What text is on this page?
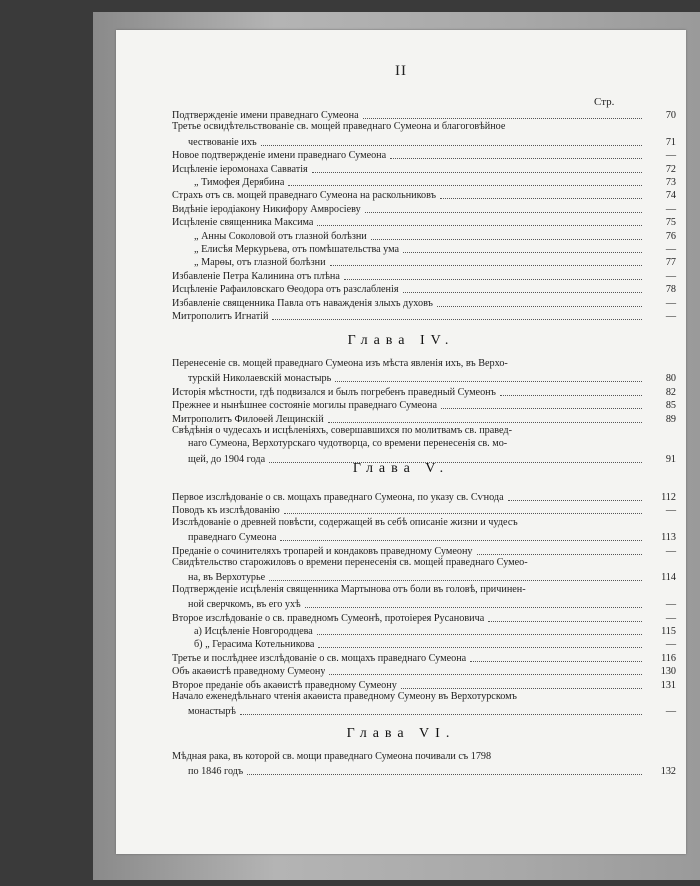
II
Стр.
Подтвержденіе имени праведнаго Сумеона	70
Третье освидѣтельствованіе св. мощей праведнаго Сумеона и благоговѣйное
чествованіе ихъ	71
Новое подтвержденіе имени праведнаго Сумеона	—
Исцѣленіе іеромонаха Савватія	72
„ Тимофея Дерябина	73
Страхъ отъ св. мощей праведнаго Сумеона на раскольниковъ	74
Видѣніе іеродіакону Никифору Амвросіеву	—
Исцѣленіе священника Максима	75
„ Анны Соколовой отъ глазной болѣзни	76
„ Елисѣя Меркурьева, отъ помѣшательства ума	—
„ Марѳы, отъ глазной болѣзни	77
Избавленіе Петра Калинина отъ плѣна	—
Исцѣленіе Рафаиловскаго Ѳеодора отъ разслабленія	78
Избавленіе священника Павла отъ наважденія злыхъ духовъ	—
Митрополитъ Игнатій	—
Глава IV.
Перенесеніе св. мощей праведнаго Сумеона изъ мѣста явленія ихъ, въ Верхо-
турскій Николаевскій монастырь	80
Исторія мѣстности, гдѣ подвизался и былъ погребенъ праведный Сумеонъ	82
Прежнее и нынѣшнее состояніе могилы праведнаго Сумеона	85
Митрополитъ Филоѳей Лещинскій	89
Свѣдѣнія о чудесахъ и исцѣленіяхъ, совершавшихся по молитвамъ св. правед-
наго Сумеона, Верхотурскаго чудотворца, со времени перенесенія св. мо-
щей, до 1904 года	91
Глава V.
Первое изслѣдованіе о св. мощахъ праведнаго Сумеона, по указу св. Сѵнода	112
Поводъ къ изслѣдованію	—
Изслѣдованіе о древней повѣсти, содержащей въ себѣ описаніе жизни и чудесъ
праведнаго Сумеона	113
Преданіе о сочинителяхъ тропарей и кондаковъ праведному Сумеону	—
Свидѣтельство старожиловъ о времени перенесенія св. мощей праведнаго Сумео-
на, въ Верхотурье	114
Подтвержденіе исцѣленія священника Мартынова отъ боли въ головѣ, причинен-
ной сверчкомъ, въ его ухѣ	—
Второе изслѣдованіе о св. праведномъ Сумеонѣ, протоіерея Русановича	—
а) Исцѣленіе Новгородцева	115
б) „ Герасима Котельникова	—
Третье и послѣднее изслѣдованіе о св. мощахъ праведнаго Сумеона	116
Объ акаѳистѣ праведному Сумеону	130
Второе преданіе объ акаѳистѣ праведному Сумеону	131
Начало еженедѣльнаго чтенія акаѳиста праведному Сумеону въ Верхотурскомъ
монастырѣ	—
Глава VI.
Мѣдная рака, въ которой св. мощи праведнаго Сумеона почивали съ 1798
по 1846 годъ	132
